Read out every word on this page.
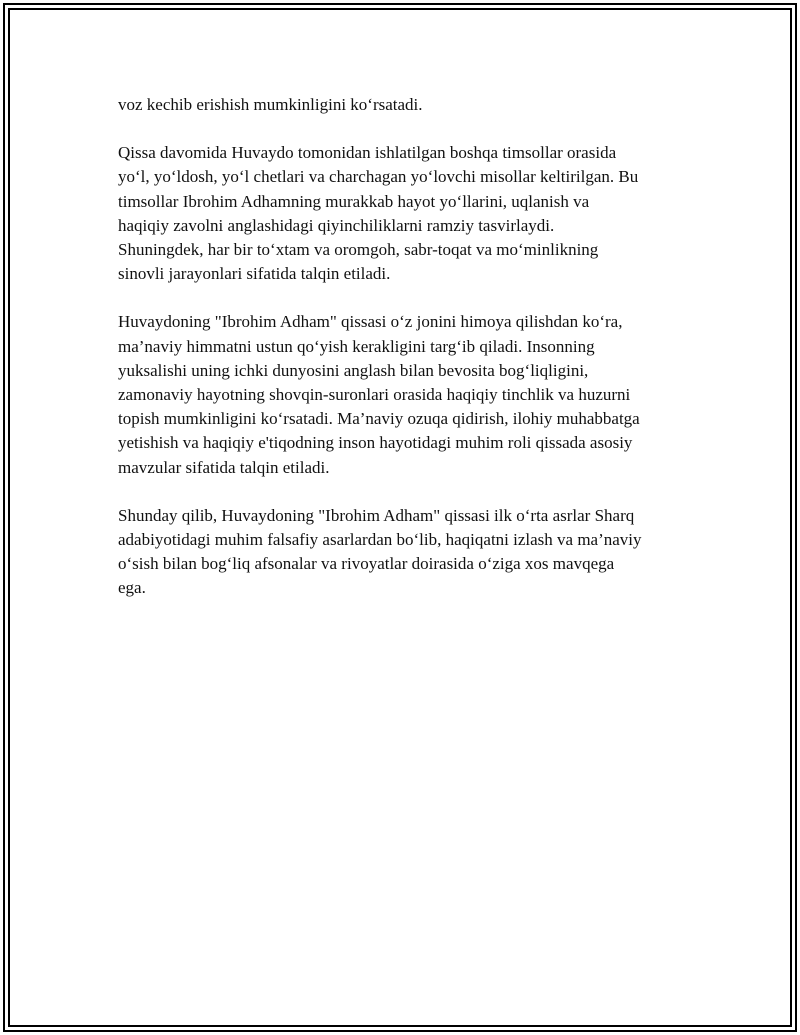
voz kechib erishish mumkinligini ko‘rsatadi.

Qissa davomida Huvaydo tomonidan ishlatilgan boshqa timsollar orasida
yo‘l, yo‘ldosh, yo‘l chetlari va charchagan yo‘lovchi misollar keltirilgan. Bu
timsollar Ibrohim Adhamning murakkab hayot yo‘llarini, uqlanish va
haqiqiy zavolni anglashidagi qiyinchiliklarni ramziy tasvirlaydi.
Shuningdek, har bir to‘xtam va oromgoh, sabr-toqat va mo‘minlikning
sinovli jarayonlari sifatida talqin etiladi.

Huvaydoning "Ibrohim Adham" qissasi o‘z jonini himoya qilishdan ko‘ra,
ma’naviy himmatni ustun qo‘yish kerakligini targ‘ib qiladi. Insonning
yuksalishi uning ichki dunyosini anglash bilan bevosita bog‘liqligini,
zamonaviy hayotning shovqin-suronlari orasida haqiqiy tinchlik va huzurni
topish mumkinligini ko‘rsatadi. Ma’naviy ozuqa qidirish, ilohiy muhabbatga
yetishish va haqiqiy e'tiqodning inson hayotidagi muhim roli qissada asosiy
mavzular sifatida talqin etiladi.

Shunday qilib, Huvaydoning "Ibrohim Adham" qissasi ilk o‘rta asrlar Sharq
adabiyotidagi muhim falsafiy asarlardan bo‘lib, haqiqatni izlash va ma’naviy
o‘sish bilan bog‘liq afsonalar va rivoyatlar doirasida o‘ziga xos mavqega
ega.
